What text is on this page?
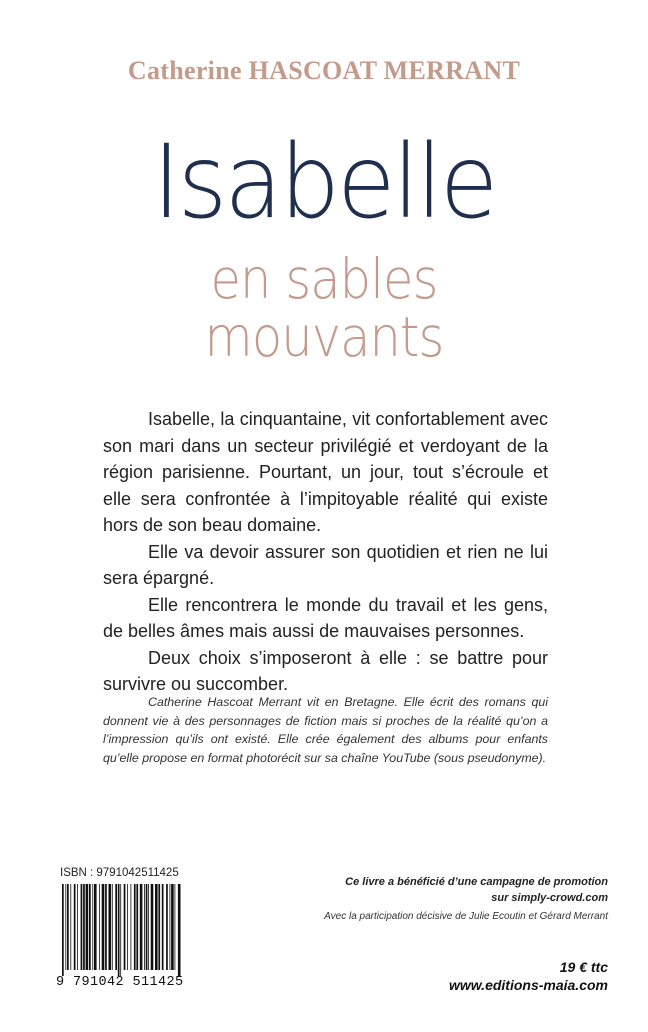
Catherine HASCOAT MERRANT
Isabelle
en sables
mouvants

Isabelle, la cinquantaine, vit confortablement avec son mari dans un secteur privilégié et verdoyant de la région parisienne. Pourtant, un jour, tout s’écroule et elle sera confrontée à l’impitoyable réalité qui existe hors de son beau domaine.

Elle va devoir assurer son quotidien et rien ne lui sera épargné.

Elle rencontrera le monde du travail et les gens, de belles âmes mais aussi de mauvaises personnes.

Deux choix s’imposeront à elle : se battre pour survivre ou succomber.

Catherine Hascoat Merrant vit en Bretagne. Elle écrit des romans qui donnent vie à des personnages de fiction mais si proches de la réalité qu’on a l’impression qu’ils ont existé. Elle crée également des albums pour enfants qu’elle propose en format photorécit sur sa chaîne YouTube (sous pseudonyme).

ISBN : 9791042511425
9 791042 511425
Ce livre a bénéficié d’une campagne de promotion
sur simply-crowd.com
Avec la participation décisive de Julie Ecoutin et Gérard Merrant
19 € ttc
www.editions-maia.com
